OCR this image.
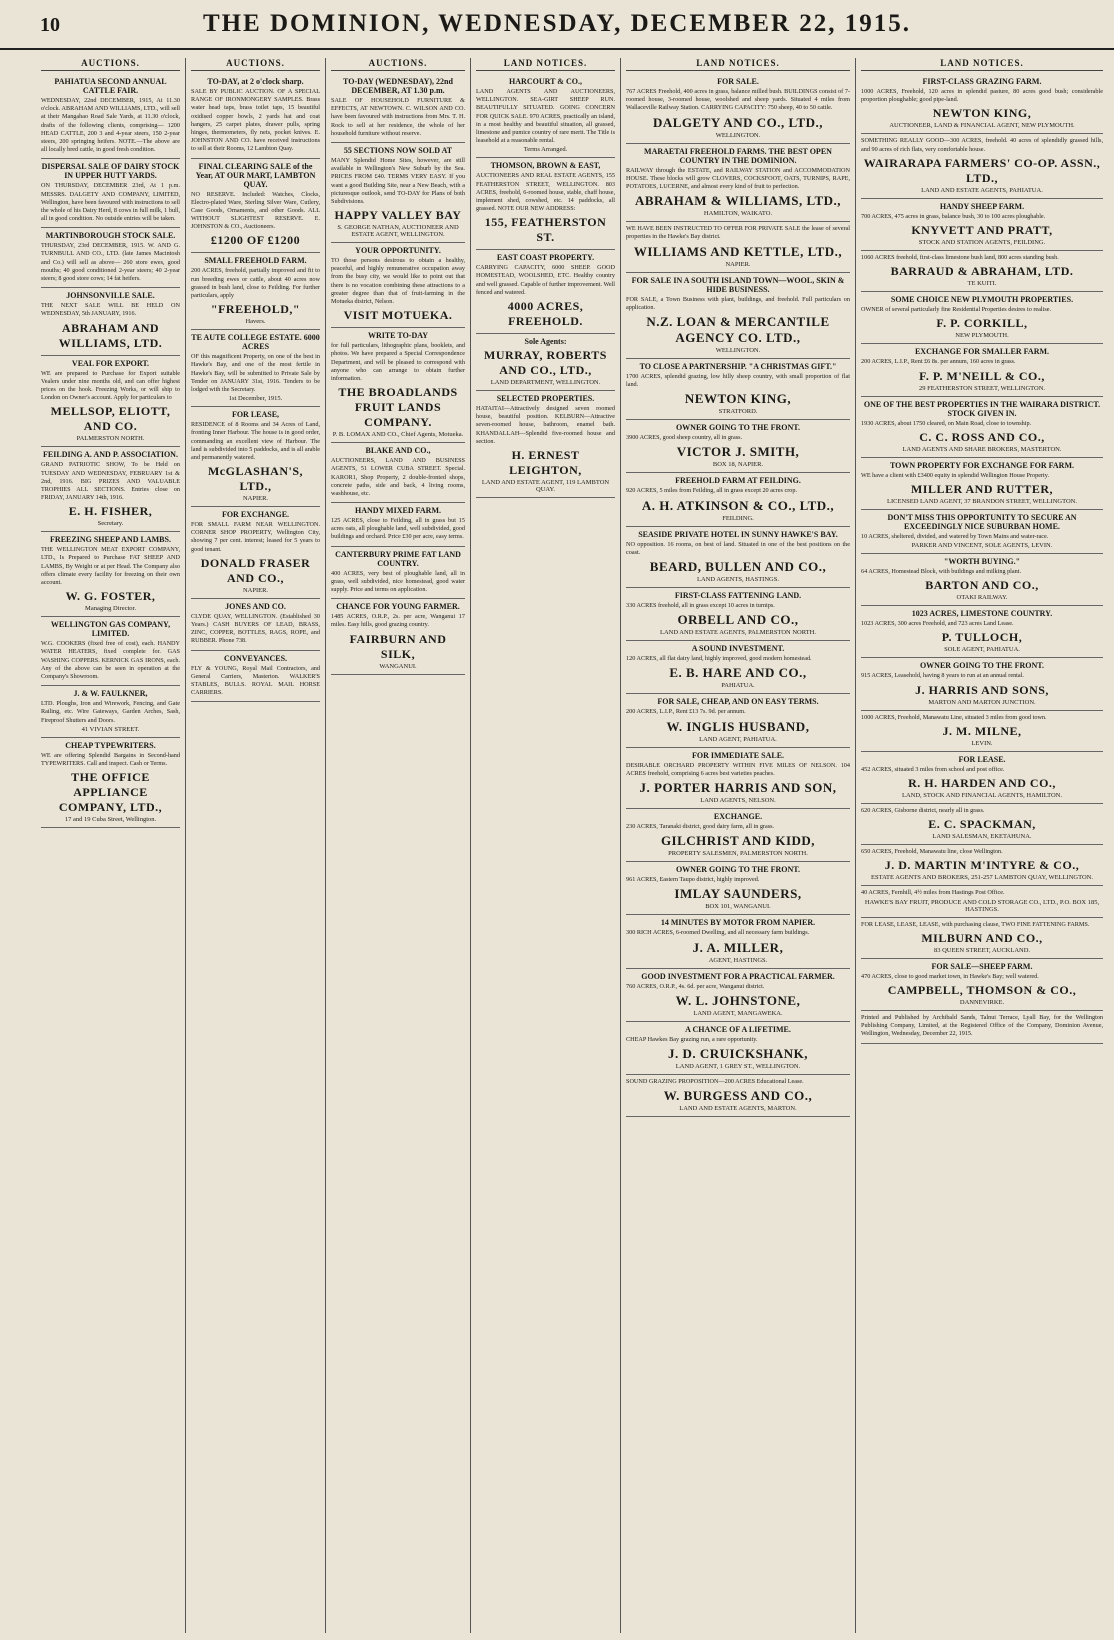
10	THE DOMINION, WEDNESDAY, DECEMBER 22, 1915.
AUCTIONS.
PAHIATUA SECOND ANNUAL CATTLE FAIR.
WEDNESDAY, 22nd DECEMBER, 1915, At 11.30 o'clock. ABRAHAM AND WILLIAMS, LTD., will sell at their Mangahao Road Sale Yards, at 11.30 o'clock, drafts of the following clients, comprising— 1200 HEAD CATTLE, 200 3 and 4-year steers, 150 2-year steers, 200 springing heifers. NOTE.—The above are all locally bred cattle, in good fresh condition.
DISPERSAL SALE OF DAIRY STOCK IN UPPER HUTT YARDS.
ON THURSDAY, DECEMBER 23rd, At 1 p.m. MESSRS. DALGETY AND COMPANY, LIMITED, Wellington, have been favoured with instructions to sell the whole of his Dairy Herd, 8 cows in full milk, 1 bull, all in good condition. No outside entries will be taken.
MARTINBOROUGH STOCK SALE.
THURSDAY, 23rd DECEMBER, 1915. W. AND G. TURNBULL AND CO., LTD. (late James Macintosh and Co.) will sell as above— 260 store ewes, good mouths; 40 good conditioned 2-year steers; 40 2-year steers; 8 good store cows; 14 fat heifers.
JOHNSONVILLE SALE.
THE NEXT SALE WILL BE HELD ON WEDNESDAY, 5th JANUARY, 1916.
ABRAHAM AND WILLIAMS, LTD.
VEAL FOR EXPORT.
WE are prepared to Purchase for Export suitable Vealers under nine months old, and can offer highest prices on the hook. Freezing Works, or will ship to London on Owner's account. Apply for particulars to
MELLSOP, ELIOTT, AND CO.
PALMERSTON NORTH.
FEILDING A. AND P. ASSOCIATION.
GRAND PATRIOTIC SHOW, To be Held on TUESDAY AND WEDNESDAY, FEBRUARY 1st & 2nd, 1916. BIG PRIZES AND VALUABLE TROPHIES ALL SECTIONS. Entries close on FRIDAY, JANUARY 14th, 1916.
E. H. FISHER,
Secretary.
FREEZING SHEEP AND LAMBS.
THE WELLINGTON MEAT EXPORT COMPANY, LTD., Is Prepared to Purchase FAT SHEEP AND LAMBS, By Weight or at per Head. The Company also offers climate every facility for freezing on their own account.
W. G. FOSTER,
Managing Director.
WELLINGTON GAS COMPANY, LIMITED.
W.G. COOKERS (fixed free of cost), each. HANDY WATER HEATERS, fixed complete for. GAS WASHING COPPERS. KERNICK GAS IRONS, each. Any of the above can be seen in operation at the Company's Showroom.
J. & W. FAULKNER,
LTD. Ploughs, Iron and Wirework, Fencing, and Gate Railing, etc. Wire Gateways, Garden Arches, Sash, Fireproof Shutters and Doors.
41 VIVIAN STREET.
CHEAP TYPEWRITERS.
WE are offering Splendid Bargains in Second-hand TYPEWRITERS. Call and inspect. Cash or Terms.
THE OFFICE APPLIANCE COMPANY, LTD.,
17 and 19 Cuba Street, Wellington.
AUCTIONS.
TO-DAY, at 2 o'clock sharp.
SALE BY PUBLIC AUCTION. OF A SPECIAL RANGE OF IRONMONGERY SAMPLES. Brass water head taps, brass toilet taps, 15 beautiful oxidised copper bowls, 2 yards hat and coat hangers, 25 carpet plates, drawer pulls, spring hinges, thermometers, fly nets, pocket knives. E. JOHNSTON AND CO. have received instructions to sell at their Rooms, 12 Lambton Quay.
FINAL CLEARING SALE of the Year, AT OUR MART, LAMBTON QUAY.
NO RESERVE. Included: Watches, Clocks, Electro-plated Ware, Sterling Silver Ware, Cutlery, Case Goods, Ornaments, and other Goods. ALL WITHOUT SLIGHTEST RESERVE. E. JOHNSTON & CO., Auctioneers.
£1200 OF £1200
SMALL FREEHOLD FARM.
200 ACRES, freehold, partially improved and fit to run breeding ewes or cattle, about 40 acres now grassed in bush land, close to Feilding. For further particulars, apply
"FREEHOLD,"
Havers.
TE AUTE COLLEGE ESTATE. 6000 ACRES
OF this magnificent Property, on one of the best in Hawke's Bay, and one of the most fertile in Hawke's Bay, will be submitted to Private Sale by Tender on JANUARY 31st, 1916. Tenders to be lodged with the Secretary.
1st December, 1915.
FOR LEASE,
RESIDENCE of 8 Rooms and 34 Acres of Land, fronting Inner Harbour. The house is in good order, commanding an excellent view of Harbour. The land is subdivided into 5 paddocks, and is all arable and permanently watered.
McGLASHAN'S, LTD.,
NAPIER.
FOR EXCHANGE.
FOR SMALL FARM NEAR WELLINGTON. CORNER SHOP PROPERTY, Wellington City, showing 7 per cent. interest; leased for 5 years to good tenant.
DONALD FRASER AND CO.,
NAPIER.
JONES AND CO.
CLYDE QUAY, WELLINGTON. (Established 30 Years.) CASH BUYERS OF LEAD, BRASS, ZINC, COPPER, BOTTLES, RAGS, ROPE, and RUBBER. Phone 738.
CONVEYANCES.
FLY & YOUNG, Royal Mail Contractors, and General Carriers, Masterton. WALKER'S STABLES, BULLS. ROYAL MAIL HORSE CARRIERS.
AUCTIONS.
TO-DAY (WEDNESDAY), 22nd DECEMBER, AT 1.30 p.m.
SALE OF HOUSEHOLD FURNITURE & EFFECTS, AT NEWTOWN. C. WILSON AND CO. have been favoured with instructions from Mrs. T. H. Rock to sell at her residence, the whole of her household furniture without reserve.
55 SECTIONS NOW SOLD AT
MANY Splendid Home Sites, however, are still available in Wellington's New Suburb by the Sea. PRICES FROM £40. TERMS VERY EASY. If you want a good Building Site, near a New Beach, with a picturesque outlook, send TO-DAY for Plans of both Subdivisions.
HAPPY VALLEY BAY
S. GEORGE NATHAN, AUCTIONEER AND ESTATE AGENT, WELLINGTON.
YOUR OPPORTUNITY.
TO those persons desirous to obtain a healthy, peaceful, and highly remunerative occupation away from the busy city, we would like to point out that there is no vocation combining these attractions to a greater degree than that of fruit-farming in the Motueka district, Nelson.
VISIT MOTUEKA.
WRITE TO-DAY
for full particulars, lithographic plans, booklets, and photos. We have prepared a Special Correspondence Department, and will be pleased to correspond with anyone who can arrange to obtain further information.
THE BROADLANDS FRUIT LANDS COMPANY.
P. B. LOMAX AND CO., Chief Agents, Motueka.
BLAKE AND CO.,
AUCTIONEERS, LAND AND BUSINESS AGENTS, 51 LOWER CUBA STREET. Special. KAROR1, Shop Property, 2 double-fronted shops, concrete paths, side and back, 4 living rooms, washhouse, etc.
HANDY MIXED FARM.
125 ACRES, close to Feilding, all in grass but 15 acres oats, all ploughable land, well subdivided, good buildings and orchard. Price £30 per acre, easy terms.
CANTERBURY PRIME FAT LAND COUNTRY.
400 ACRES, very best of ploughable land, all in grass, well subdivided, nice homestead, good water supply. Price and terms on application.
CHANCE FOR YOUNG FARMER.
1485 ACRES, O.R.P., 2s. per acre, Wanganui 17 miles. Easy hills, good grazing country.
FAIRBURN AND SILK,
WANGANUI.
LAND NOTICES.
HARCOURT & CO.,
LAND AGENTS AND AUCTIONEERS, WELLINGTON. SEA-GIRT SHEEP RUN. BEAUTIFULLY SITUATED. GOING CONCERN FOR QUICK SALE. 970 ACRES, practically an island, in a most healthy and beautiful situation, all grassed, limestone and pumice country of rare merit. The Title is leasehold at a reasonable rental.
Terms Arranged.
THOMSON, BROWN & EAST,
AUCTIONEERS AND REAL ESTATE AGENTS, 155 FEATHERSTON STREET, WELLINGTON. 803 ACRES, freehold, 6-roomed house, stable, chaff house, implement shed, cowshed, etc. 14 paddocks, all grassed. NOTE OUR NEW ADDRESS:
155, FEATHERSTON ST.
EAST COAST PROPERTY.
CARRYING CAPACITY, 6000 SHEEP. GOOD HOMESTEAD, WOOLSHED, ETC. Healthy country and well grassed. Capable of further improvement. Well fenced and watered.
4000 ACRES, FREEHOLD.
Sole Agents:
MURRAY, ROBERTS AND CO., LTD.,
LAND DEPARTMENT, WELLINGTON.
SELECTED PROPERTIES.
HATAITAI—Attractively designed seven roomed house, beautiful position. KELBURN—Attractive seven-roomed house, bathroom, enamel bath. KHANDALLAH—Splendid five-roomed house and section.
H. ERNEST LEIGHTON,
LAND AND ESTATE AGENT, 119 LAMBTON QUAY.
LAND NOTICES.
FOR SALE.
767 ACRES Freehold, 400 acres in grass, balance milled bush. BUILDINGS consist of 7-roomed house, 3-roomed house, woolshed and sheep yards. Situated 4 miles from Wallaceville Railway Station. CARRYING CAPACITY: 750 sheep, 40 to 50 cattle.
DALGETY AND CO., LTD.,
WELLINGTON.
MARAETAI FREEHOLD FARMS. THE BEST OPEN COUNTRY IN THE DOMINION.
RAILWAY through the ESTATE, and RAILWAY STATION and ACCOMMODATION HOUSE. These blocks will grow CLOVERS, COCKSFOOT, OATS, TURNIPS, RAPE, POTATOES, LUCERNE, and almost every kind of fruit to perfection.
ABRAHAM & WILLIAMS, LTD.,
HAMILTON, WAIKATO.
WE HAVE BEEN INSTRUCTED TO OFFER FOR PRIVATE SALE the lease of several properties in the Hawke's Bay district.
WILLIAMS AND KETTLE, LTD.,
NAPIER.
FOR SALE IN A SOUTH ISLAND TOWN—WOOL, SKIN & HIDE BUSINESS.
FOR SALE, a Town Business with plant, buildings, and freehold. Full particulars on application.
N.Z. LOAN & MERCANTILE AGENCY CO. LTD.,
WELLINGTON.
TO CLOSE A PARTNERSHIP. "A CHRISTMAS GIFT."
1700 ACRES, splendid grazing, low hilly sheep country, with small proportion of flat land.
NEWTON KING,
STRATFORD.
OWNER GOING TO THE FRONT.
3900 ACRES, good sheep country, all in grass.
VICTOR J. SMITH,
BOX 18, NAPIER.
FREEHOLD FARM AT FEILDING.
920 ACRES, 5 miles from Feilding, all in grass except 20 acres crop.
A. H. ATKINSON & CO., LTD.,
FEILDING.
SEASIDE PRIVATE HOTEL IN SUNNY HAWKE'S BAY.
NO opposition. 16 rooms, on best of land. Situated in one of the best positions on the coast.
BEARD, BULLEN AND CO.,
LAND AGENTS, HASTINGS.
FIRST-CLASS FATTENING LAND.
330 ACRES freehold, all in grass except 10 acres in turnips.
ORBELL AND CO.,
LAND AND ESTATE AGENTS, PALMERSTON NORTH.
A SOUND INVESTMENT.
120 ACRES, all flat dairy land, highly improved, good modern homestead.
E. B. HARE AND CO.,
PAHIATUA.
FOR SALE, CHEAP, AND ON EASY TERMS.
200 ACRES, L.I.P., Rent £13 7s. 9d. per annum.
W. INGLIS HUSBAND,
LAND AGENT, PAHIATUA.
FOR IMMEDIATE SALE.
DESIRABLE ORCHARD PROPERTY WITHIN FIVE MILES OF NELSON. 104 ACRES freehold, comprising 6 acres best varieties peaches.
J. PORTER HARRIS AND SON,
LAND AGENTS, NELSON.
EXCHANGE.
230 ACRES, Taranaki district, good dairy farm, all in grass.
GILCHRIST AND KIDD,
PROPERTY SALESMEN, PALMERSTON NORTH.
OWNER GOING TO THE FRONT.
961 ACRES, Eastern Taupo district, highly improved.
IMLAY SAUNDERS,
BOX 101, WANGANUI.
14 MINUTES BY MOTOR FROM NAPIER.
300 RICH ACRES, 6-roomed Dwelling, and all necessary farm buildings.
J. A. MILLER,
AGENT, HASTINGS.
GOOD INVESTMENT FOR A PRACTICAL FARMER.
760 ACRES, O.R.P., 4s. 6d. per acre, Wanganui district.
W. L. JOHNSTONE,
LAND AGENT, MANGAWEKA.
A CHANCE OF A LIFETIME.
CHEAP Hawkes Bay grazing run, a rare opportunity.
J. D. CRUICKSHANK,
LAND AGENT, 1 GREY ST., WELLINGTON.
SOUND GRAZING PROPOSITION—200 ACRES Educational Lease.
W. BURGESS AND CO.,
LAND AND ESTATE AGENTS, MARTON.
LAND NOTICES.
FIRST-CLASS GRAZING FARM.
1000 ACRES, Freehold, 120 acres in splendid pasture, 80 acres good bush; considerable proportion ploughable; good pipe-land.
NEWTON KING,
AUCTIONEER, LAND & FINANCIAL AGENT, NEW PLYMOUTH.
SOMETHING REALLY GOOD—300 ACRES, freehold. 40 acres of splendidly grassed hills, and 90 acres of rich flats, very comfortable house.
WAIRARAPA FARMERS' CO-OP. ASSN., LTD.,
LAND AND ESTATE AGENTS, PAHIATUA.
HANDY SHEEP FARM.
700 ACRES, 475 acres in grass, balance bush, 30 to 100 acres ploughable.
KNYVETT AND PRATT,
STOCK AND STATION AGENTS, FEILDING.
1060 ACRES freehold, first-class limestone bush land, 800 acres standing bush.
BARRAUD & ABRAHAM, LTD.
TE KUITI.
SOME CHOICE NEW PLYMOUTH PROPERTIES.
OWNER of several particularly fine Residential Properties desires to realise.
F. P. CORKILL,
NEW PLYMOUTH.
EXCHANGE FOR SMALLER FARM.
200 ACRES, L.I.P., Rent £6 8s. per annum, 160 acres in grass.
F. P. M'NEILL & CO.,
29 FEATHERSTON STREET, WELLINGTON.
ONE OF THE BEST PROPERTIES IN THE WAIRARA DISTRICT. STOCK GIVEN IN.
1930 ACRES, about 1750 cleared, on Main Road, close to township.
C. C. ROSS AND CO.,
LAND AGENTS AND SHARE BROKERS, MASTERTON.
TOWN PROPERTY FOR EXCHANGE FOR FARM.
WE have a client with £3400 equity in splendid Wellington House Property.
MILLER AND RUTTER,
LICENSED LAND AGENT, 37 BRANDON STREET, WELLINGTON.
DON'T MISS THIS OPPORTUNITY TO SECURE AN EXCEEDINGLY NICE SUBURBAN HOME.
10 ACRES, sheltered, divided, and watered by Town Mains and water-race.
PARKER AND VINCENT, SOLE AGENTS, LEVIN.
"WORTH BUYING."
64 ACRES, Homestead Block, with buildings and milking plant.
BARTON AND CO.,
OTAKI RAILWAY.
1023 ACRES, LIMESTONE COUNTRY.
1023 ACRES, 300 acres Freehold, and 723 acres Land Lease.
P. TULLOCH,
SOLE AGENT, PAHIATUA.
OWNER GOING TO THE FRONT.
915 ACRES, Leasehold, having 8 years to run at an annual rental.
J. HARRIS AND SONS,
MARTON AND MARTON JUNCTION.
1000 ACRES, Freehold, Manawatu Line, situated 3 miles from good town.
J. M. MILNE,
LEVIN.
FOR LEASE.
452 ACRES, situated 3 miles from school and post office.
R. H. HARDEN AND CO.,
LAND, STOCK AND FINANCIAL AGENTS, HAMILTON.
620 ACRES, Gisborne district, nearly all in grass.
E. C. SPACKMAN,
LAND SALESMAN, EKETAHUNA.
650 ACRES, Freehold, Manawatu line, close Wellington.
J. D. MARTIN M'INTYRE & CO.,
ESTATE AGENTS AND BROKERS, 251-257 LAMBTON QUAY, WELLINGTON.
40 ACRES, Fernhill, 4½ miles from Hastings Post Office.
HAWKE'S BAY FRUIT, PRODUCE AND COLD STORAGE CO., LTD., P.O. BOX 185, HASTINGS.
FOR LEASE, LEASE, LEASE, with purchasing clause, TWO FINE FATTENING FARMS.
MILBURN AND CO.,
83 QUEEN STREET, AUCKLAND.
FOR SALE—SHEEP FARM.
470 ACRES, close to good market town, in Hawke's Bay; well watered.
CAMPBELL, THOMSON & CO.,
DANNEVIRKE.
Printed and Published by Archibald Sands, Talnui Terrace, Lyall Bay, for the Wellington Publishing Company, Limited, at the Registered Office of the Company, Dominion Avenue, Wellington, Wednesday, December 22, 1915.
